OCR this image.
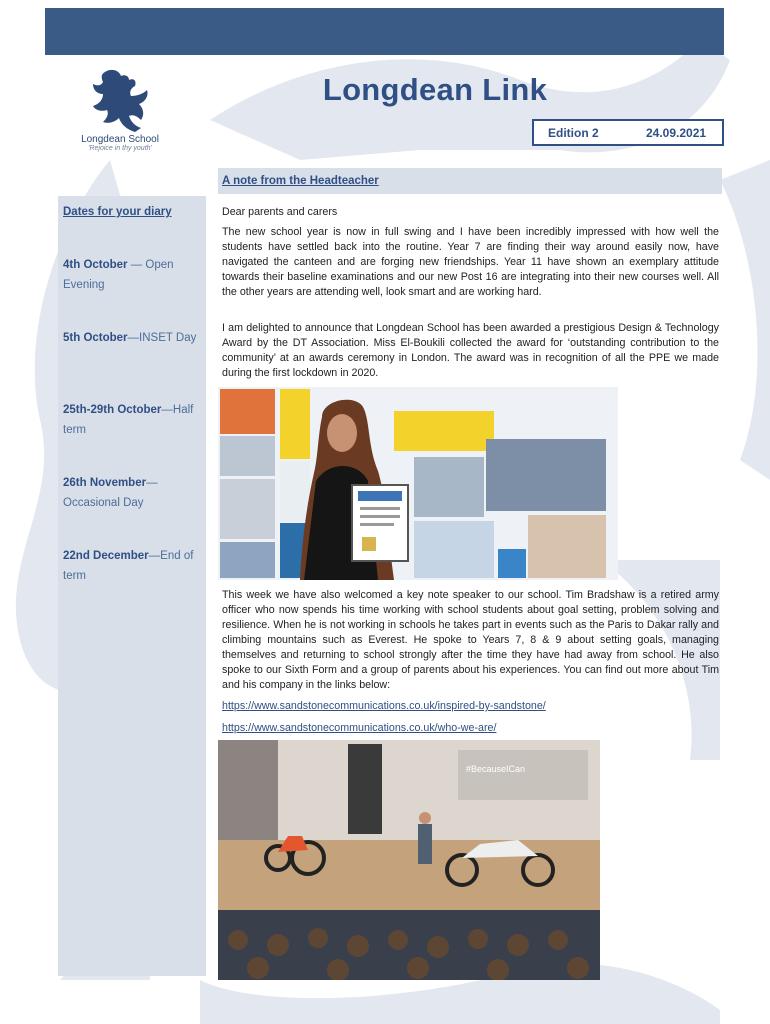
Longdean School
'Rejoice in thy youth'
Longdean Link
Edition 2	24.09.2021
A note from the Headteacher
Dates for your diary
4th October — Open Evening
5th October—INSET Day
25th-29th October—Half term
26th November—Occasional Day
22nd December—End of term

Dear parents and carers

The new school year is now in full swing and I have been incredibly impressed with how well the students have settled back into the routine. Year 7 are finding their way around easily now, have navigated the canteen and are forging new friendships. Year 11 have shown an exemplary attitude towards their baseline examinations and our new Post 16 are integrating into their new courses well. All the other years are attending well, look smart and are working hard.

I am delighted to announce that Longdean School has been awarded a prestigious Design & Technology Award by the DT Association. Miss El-Boukili collected the award for ‘outstanding contribution to the community’ at an awards ceremony in London. The award was in recognition of all the PPE we made during the first lockdown in 2020.

This week we have also welcomed a key note speaker to our school. Tim Bradshaw is a retired army officer who now spends his time working with school students about goal setting, problem solving and resilience. When he is not working in schools he takes part in events such as the Paris to Dakar rally and climbing mountains such as Everest. He spoke to Years 7, 8 & 9 about setting goals, managing themselves and returning to school strongly after the time they have had away from school. He also spoke to our Sixth Form and a group of parents about his experiences. You can find out more about Tim and his company in the links below:

https://www.sandstonecommunications.co.uk/inspired-by-sandstone/
https://www.sandstonecommunications.co.uk/who-we-are/
#BecauseICan
